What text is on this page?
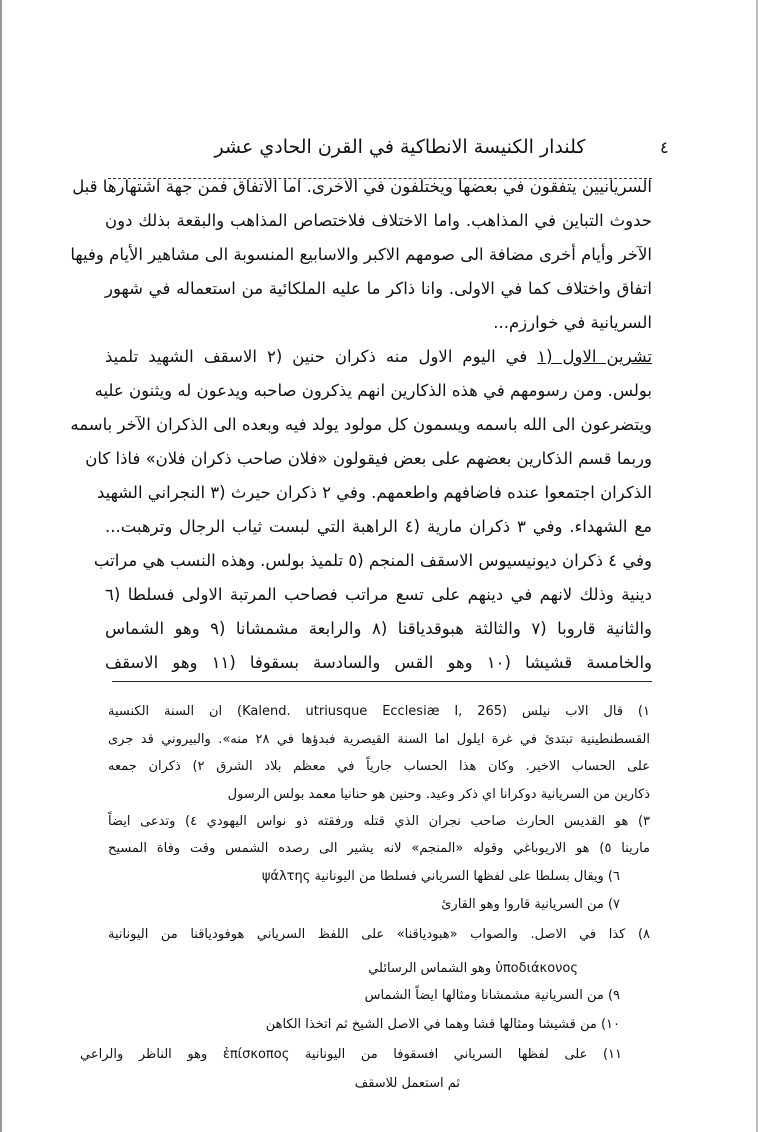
٤
كلندار الكنيسة الانطاكية في القرن الحادي عشر
السريانيين يتفقون في بعضها ويختلفون في الاخرى. اما الاتفاق فمن جهة اشتهارها قبل
حدوث التباين في المذاهب. واما الاختلاف فلاختصاص المذاهب والبقعة بذلك دون
الآخر وأيام أخرى مضافة الى صومهم الاكبر والاسابيع المنسوبة الى مشاهير الأيام وفيها
اتفاق واختلاف كما في الاولى. وانا ذاكر ما عليه الملكائية من استعماله في شهور
السريانية في خوارزم...
تشرين الاول (١ في اليوم الاول منه ذكران حنين (٢ الاسقف الشهيد تلميذ
بولس. ومن رسومهم في هذه الذكارين انهم يذكرون صاحبه ويدعون له ويثنون عليه
ويتضرعون الى الله باسمه ويسمون كل مولود يولد فيه وبعده الى الذكران الآخر باسمه
وربما قسم الذكارين بعضهم على بعض فيقولون «فلان صاحب ذكران فلان» فاذا كان
الذكران اجتمعوا عنده فاضافهم واطعمهم. وفي ٢ ذكران حيرث (٣ النجراني الشهيد
مع الشهداء. وفي ٣ ذكران مارية (٤ الراهبة التي لبست ثياب الرجال وترهبت...
وفي ٤ ذكران ديونيسيوس الاسقف المنجم (٥ تلميذ بولس. وهذه النسب هي مراتب
دينية وذلك لانهم في دينهم على تسع مراتب فصاحب المرتبة الاولى فسلطا (٦
والثانية قاروبا (٧ والثالثة هبوقدياقنا (٨ والرابعة مشمشانا (٩ وهو الشماس
والخامسة قشيشا (١٠ وهو القس والسادسة بسقوفا (١١ وهو الاسقف
١) قال الاب نيلس (Kalend. utriusque Ecclesiæ I, 265) ان السنة الكنسية
القسطنطينية تبتدئ في غرة ايلول اما السنة القيصرية فبدؤها في ٢٨ منه». والبيروني قد جرى
على الحساب الاخير. وكان هذا الحساب جارياً في معظم بلاد الشرق ٢) ذكران جمعه
ذكارين من السريانية دوكرانا اي ذكر وعيد. وحنين هو حنانيا معمد بولس الرسول
٣) هو القديس الحارث صاحب نجران الذي قتله ورفقته ذو نواس اليهودي ٤) وتدعى ايضاً
مارينا ٥) هو الاريوباغي وقوله «المنجم» لانه يشير الى رصده الشمس وقت وفاة المسيح
٦) ويقال بسلطا على لفظها السرياني فسلطا من اليونانية ψάλτης
٧) من السريانية قاروا وهو القارئ
٨) كذا في الاصل. والصواب «هبودياقنا» على اللفظ السرياني هوفودياقنا من اليونانية
ὑποδιάκονος وهو الشماس الرسائلي
٩) من السريانية مشمشانا ومثالها ايضاً الشماس
١٠) من قشيشا ومثالها قشا وهما في الاصل الشيخ ثم اتخذا الكاهن
١١) على لفظها السرياني افسقوفا من اليونانية ἐπίσκοπος وهو الناظر والراعي
ثم استعمل للاسقف
